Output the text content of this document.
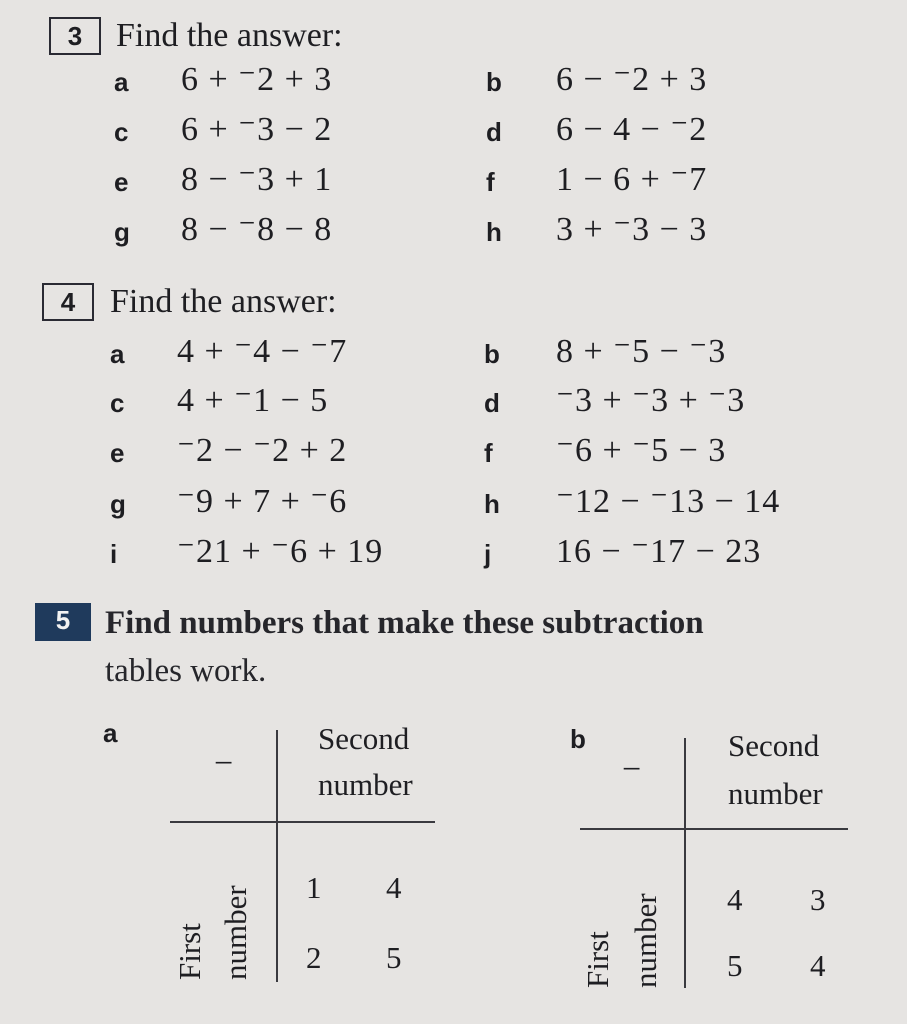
3 Find the answer:
a 6 + ⁻2 + 3	b 6 − ⁻2 + 3
c 6 + ⁻3 − 2	d 6 − 4 − ⁻2
e 8 − ⁻3 + 1	f 1 − 6 + ⁻7
g 8 − ⁻8 − 8	h 3 + ⁻3 − 3
4	Find the answer:
a 4 + ⁻4 − ⁻7	b 8 + ⁻5 − ⁻3
c 4 + ⁻1 − 5	d ⁻3 + ⁻3 + ⁻3
e ⁻2 − ⁻2 + 2	f ⁻6 + ⁻5 − 3
g ⁻9 + 7 + ⁻6	h ⁻12 − ⁻13 − 14
i ⁻21 + ⁻6 + 19	j 16 − ⁻17 − 23
5	Find numbers that make these subtraction
tables work.
a
−
Second
number
First number 1 4
2 5
b
−
Second
number
First number 4 3
5 4
